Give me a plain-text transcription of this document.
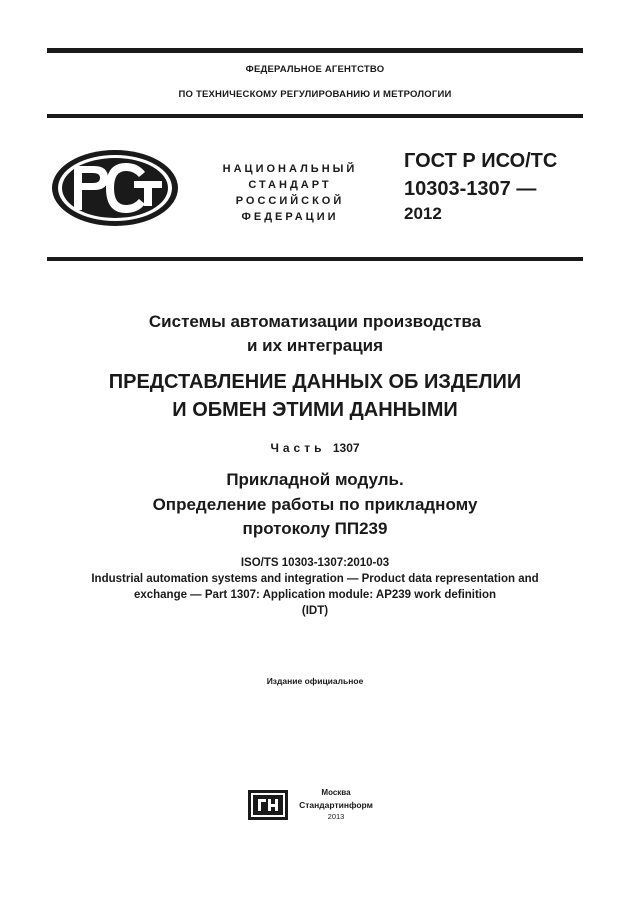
ФЕДЕРАЛЬНОЕ АГЕНТСТВО
ПО ТЕХНИЧЕСКОМУ РЕГУЛИРОВАНИЮ И МЕТРОЛОГИИ
НАЦИОНАЛЬНЫЙ
СТАНДАРТ
РОССИЙСКОЙ
ФЕДЕРАЦИИ
ГОСТ Р ИСО/ТС
10303-1307 —
2012
Системы автоматизации производства
и их интеграция
ПРЕДСТАВЛЕНИЕ ДАННЫХ ОБ ИЗДЕЛИИ
И ОБМЕН ЭТИМИ ДАННЫМИ
Часть 1307
Прикладной модуль.
Определение работы по прикладному
протоколу ПП239
ISO/TS 10303-1307:2010-03
Industrial automation systems and integration — Product data representation and
exchange — Part 1307: Application module: AP239 work definition
(IDT)
Издание официальное
Москва
Стандартинформ
2013
